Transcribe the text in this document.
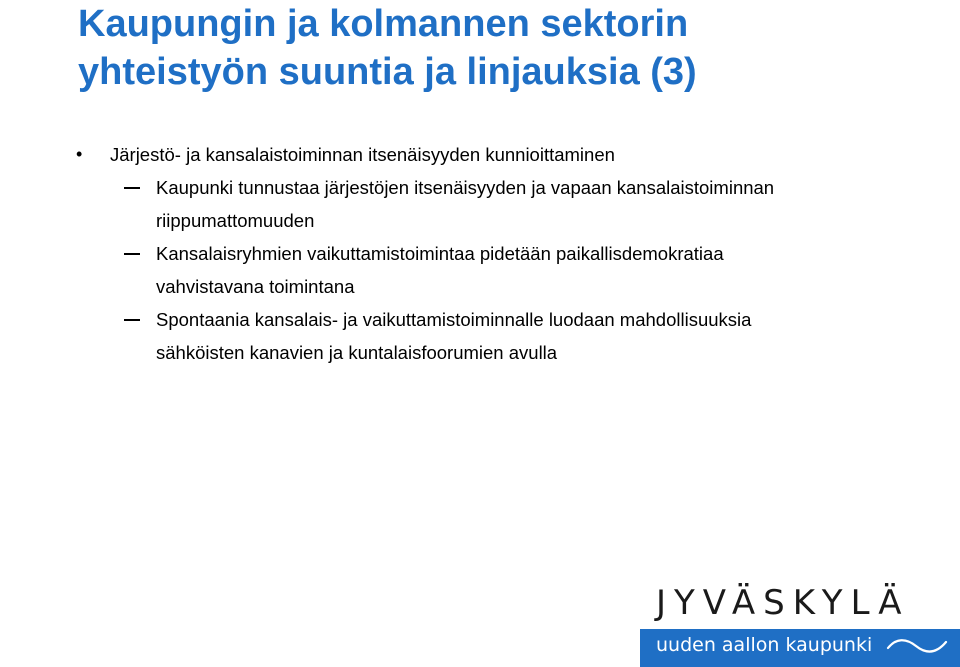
Kaupungin ja kolmannen sektorin
yhteistyön suuntia ja linjauksia (3)
• Järjestö- ja kansalaistoiminnan itsenäisyyden kunnioittaminen
Kaupunki tunnustaa järjestöjen itsenäisyyden ja vapaan kansalaistoiminnan
riippumattomuuden
Kansalaisryhmien vaikuttamistoimintaa pidetään paikallisdemokratiaa
vahvistavana toimintana
Spontaania kansalais- ja vaikuttamistoiminnalle luodaan mahdollisuuksia
sähköisten kanavien ja kuntalaisfoorumien avulla
JYVÄSKYLÄ
uuden aallon kaupunki
